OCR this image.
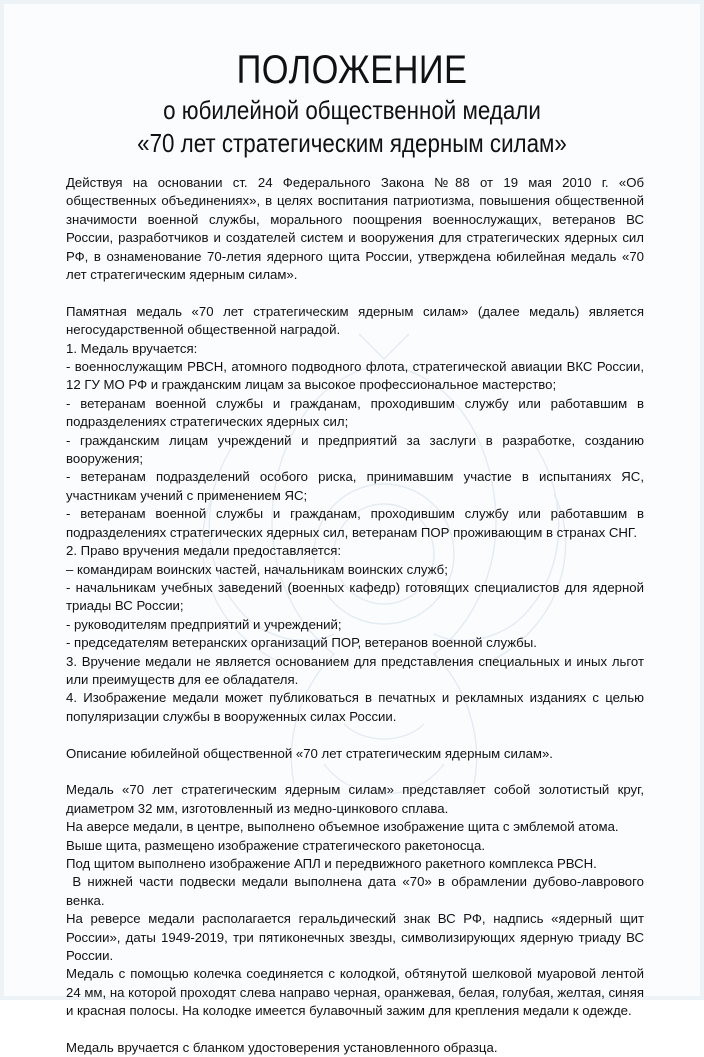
ПОЛОЖЕНИЕ

о юбилейной общественной медали

«70 лет стратегическим ядерным силам»

Действуя на основании ст. 24 Федерального Закона №88 от 19 мая 2010 г. «Об общественных объединениях», в целях воспитания патриотизма, повышения общественной значимости военной службы, морального поощрения военнослужащих, ветеранов ВС России, разработчиков и создателей систем и вооружения для стратегических ядерных сил РФ, в ознаменование 70-летия ядерного щита России, утверждена юбилейная медаль «70 лет стратегическим ядерным силам».

Памятная медаль «70 лет стратегическим ядерным силам» (далее медаль) является негосударственной общественной наградой.

1. Медаль вручается:

- военнослужащим РВСН, атомного подводного флота, стратегической авиации ВКС России, 12 ГУ МО РФ и гражданским лицам за высокое профессиональное мастерство;

- ветеранам военной службы и гражданам, проходившим службу или работавшим в подразделениях стратегических ядерных сил;

- гражданским лицам учреждений и предприятий за заслуги в разработке, созданию вооружения;

- ветеранам подразделений особого риска, принимавшим участие в испытаниях ЯС, участникам учений с применением ЯС;

- ветеранам военной службы и гражданам, проходившим службу или работавшим в подразделениях стратегических ядерных сил, ветеранам ПОР проживающим в странах СНГ.

2. Право вручения медали предоставляется:

– командирам воинских частей, начальникам воинских служб;

- начальникам учебных заведений (военных кафедр) готовящих специалистов для ядерной триады ВС России;

- руководителям предприятий и учреждений;

- председателям ветеранских организаций ПОР, ветеранов военной службы.

3. Вручение медали не является основанием для представления специальных и иных льгот или преимуществ для ее обладателя.

4. Изображение медали может публиковаться в печатных и рекламных изданиях с целью популяризации службы в вооруженных силах России.

Описание юбилейной общественной «70 лет стратегическим ядерным силам».

Медаль «70 лет стратегическим ядерным силам» представляет собой золотистый круг, диаметром 32 мм, изготовленный из медно-цинкового сплава.

На аверсе медали, в центре, выполнено объемное изображение щита с эмблемой атома.

Выше щита, размещено изображение стратегического ракетоносца.

Под щитом выполнено изображение АПЛ и передвижного ракетного комплекса РВСН.

В нижней части подвески медали выполнена дата «70» в обрамлении дубово-лаврового венка.

На реверсе медали располагается геральдический знак ВС РФ, надпись «ядерный щит России», даты 1949-2019, три пятиконечных звезды, символизирующих ядерную триаду ВС России.

Медаль с помощью колечка соединяется с колодкой, обтянутой шелковой муаровой лентой 24 мм, на которой проходят слева направо черная, оранжевая, белая, голубая, желтая, синяя и красная полосы. На колодке имеется булавочный зажим для крепления медали к одежде.

Медаль вручается с бланком удостоверения установленного образца.
